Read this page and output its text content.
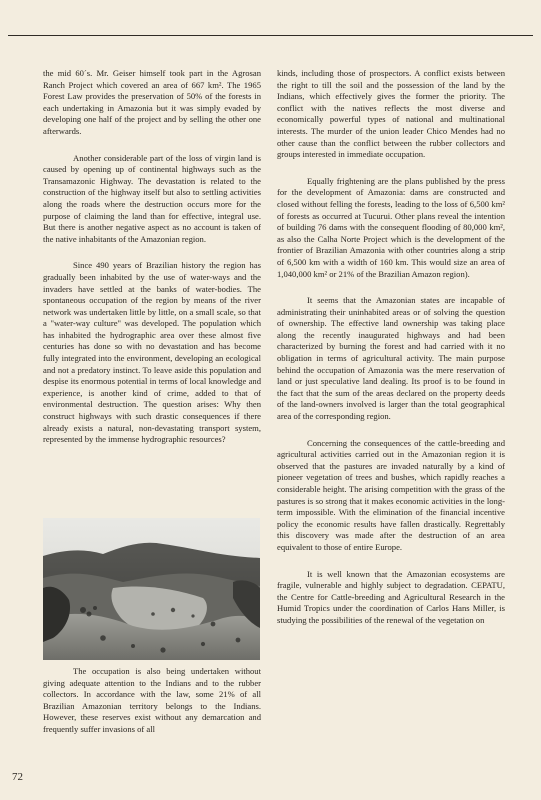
the mid 60´s. Mr. Geiser himself took part in the Agrosan Ranch Project which covered an area of 667 km². The 1965 Forest Law provides the preservation of 50% of the forests in each undertaking in Amazonia but it was simply evaded by developing one half of the project and by selling the other one afterwards.

Another considerable part of the loss of virgin land is caused by opening up of continental highways such as the Transamazonic Highway. The devastation is related to the construction of the highway itself but also to settling activities along the roads where the destruction occurs more for the purpose of claiming the land than for effective, integral use. But there is another negative aspect as no account is taken of the native inhabitants of the Amazonian region.

Since 490 years of Brazilian history the region has gradually been inhabited by the use of water-ways and the invaders have settled at the banks of water-bodies. The spontaneous occupation of the region by means of the river network was undertaken little by little, on a small scale, so that a "water-way culture" was developed. The population which has inhabited the hydrographic area over these almost five centuries has done so with no devastation and has become fully integrated into the environment, developing an ecological and not a predatory instinct. To leave aside this population and despise its enormous potential in terms of local knowledge and experience, is another kind of crime, added to that of environmental destruction. The question arises: Why then construct highways with such drastic consequences if there already exists a natural, non-devastating transport system, represented by the immense hydrographic resources?

The occupation is also being undertaken without giving adequate attention to the Indians and to the rubber collectors. In accordance with the law, some 21% of all Brazilian Amazonian territory belongs to the Indians. However, these reserves exist without any demarcation and frequently suffer invasions of all

kinds, including those of prospectors. A conflict exists between the right to till the soil and the possession of the land by the Indians, which effectively gives the former the priority. The conflict with the natives reflects the most diverse and economically powerful types of national and multinational interests. The murder of the union leader Chico Mendes had no other cause than the conflict between the rubber collectors and groups interested in immediate occupation.

Equally frightening are the plans published by the press for the development of Amazonia: dams are constructed and closed without felling the forests, leading to the loss of 6,500 km² of forests as occurred at Tucurui. Other plans reveal the intention of building 76 dams with the consequent flooding of 80,000 km², as also the Calha Norte Project which is the development of the frontier of Brazilian Amazonia with other countries along a strip of 6,500 km with a width of 160 km. This would size an area of 1,040,000 km² or 21% of the Brazilian Amazon region).

It seems that the Amazonian states are incapable of administrating their uninhabited areas or of solving the question of ownership. The effective land ownership was taking place along the recently inaugurated highways and had been characterized by burning the forest and had carried with it no obligation in terms of agricultural activity. The main purpose behind the occupation of Amazonia was the mere reservation of land or just speculative land dealing. Its proof is to be found in the fact that the sum of the areas declared on the property deeds of the land-owners involved is larger than the total geographical area of the corresponding region.

Concerning the consequences of the cattle-breeding and agricultural activities carried out in the Amazonian region it is observed that the pastures are invaded naturally by a kind of pioneer vegetation of trees and bushes, which rapidly reaches a considerable height. The arising competition with the grass of the pastures is so strong that it makes economic activities in the long-term impossible. With the elimination of the financial incentive policy the economic results have fallen drastically. Regrettably this discovery was made after the destruction of an area equivalent to those of entire Europe.

It is well known that the Amazonian ecosystems are fragile, vulnerable and highly subject to degradation. CEPATU, the Centre for Cattle-breeding and Agricultural Research in the Humid Tropics under the coordination of Carlos Hans Miller, is studying the possibilities of the renewal of the vegetation on

72
